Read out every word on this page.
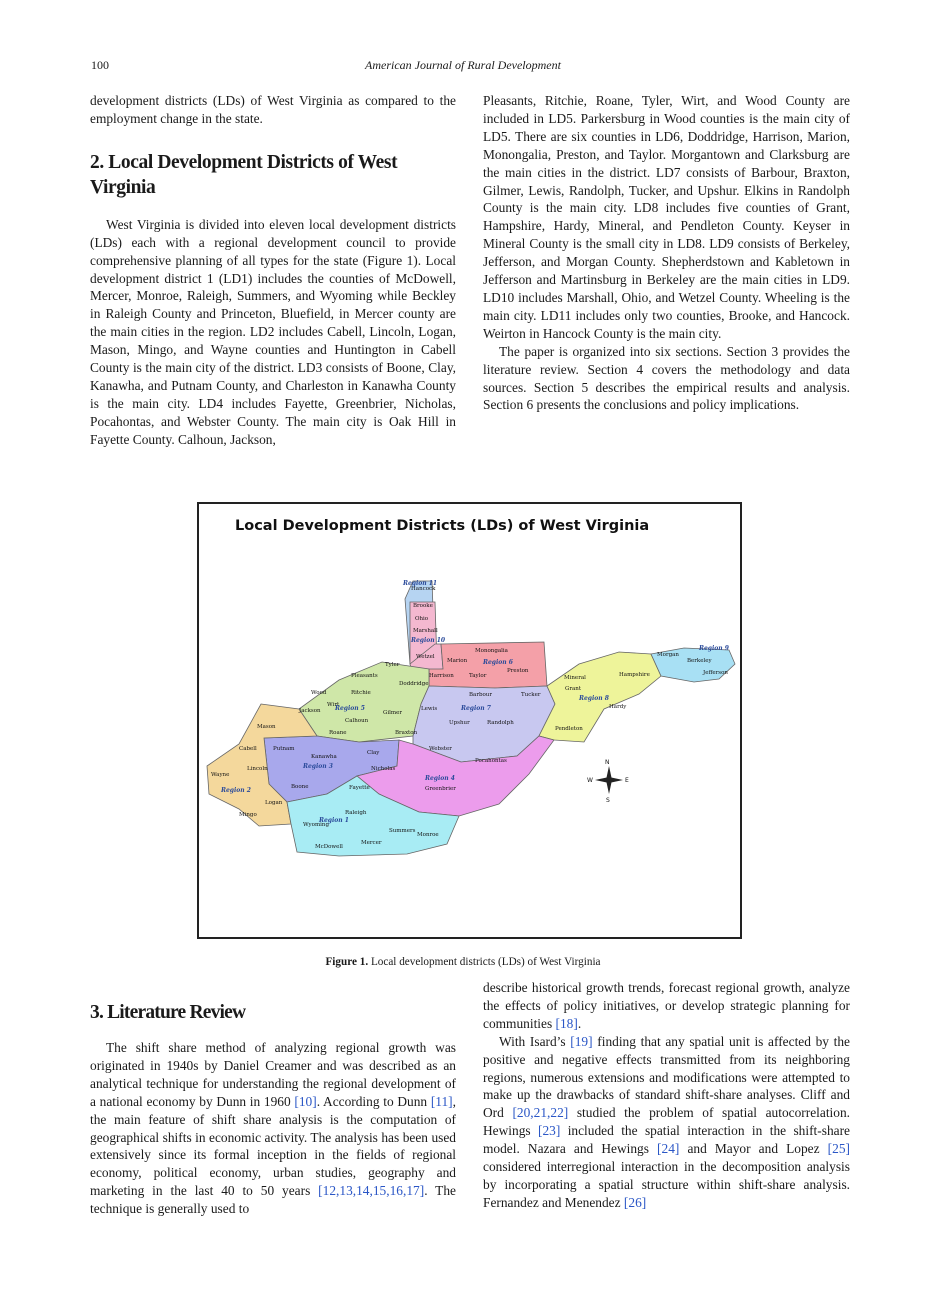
100	American Journal of Rural Development

development districts (LDs) of West Virginia as compared to the employment change in the state.

2. Local Development Districts of West Virginia

West Virginia is divided into eleven local development districts (LDs) each with a regional development council to provide comprehensive planning of all types for the state (Figure 1). Local development district 1 (LD1) includes the counties of McDowell, Mercer, Monroe, Raleigh, Summers, and Wyoming while Beckley in Raleigh County and Princeton, Bluefield, in Mercer county are the main cities in the region. LD2 includes Cabell, Lincoln, Logan, Mason, Mingo, and Wayne counties and Huntington in Cabell County is the main city of the district. LD3 consists of Boone, Clay, Kanawha, and Putnam County, and Charleston in Kanawha County is the main city. LD4 includes Fayette, Greenbrier, Nicholas, Pocahontas, and Webster County. The main city is Oak Hill in Fayette County. Calhoun, Jackson,

Pleasants, Ritchie, Roane, Tyler, Wirt, and Wood County are included in LD5. Parkersburg in Wood counties is the main city of LD5. There are six counties in LD6, Doddridge, Harrison, Marion, Monongalia, Preston, and Taylor. Morgantown and Clarksburg are the main cities in the district. LD7 consists of Barbour, Braxton, Gilmer, Lewis, Randolph, Tucker, and Upshur. Elkins in Randolph County is the main city. LD8 includes five counties of Grant, Hampshire, Hardy, Mineral, and Pendleton County. Keyser in Mineral County is the small city in LD8. LD9 consists of Berkeley, Jefferson, and Morgan County. Shepherdstown and Kabletown in Jefferson and Martinsburg in Berkeley are the main cities in LD9. LD10 includes Marshall, Ohio, and Wetzel County. Wheeling is the main city. LD11 includes only two counties, Brooke, and Hancock. Weirton in Hancock County is the main city.

The paper is organized into six sections. Section 3 provides the literature review. Section 4 covers the methodology and data sources. Section 5 describes the empirical results and analysis. Section 6 presents the conclusions and policy implications.

Local Development Districts (LDs) of West Virginia
Hancock
Brooke
Ohio
Marshall
Wetzel
Tyler
Pleasants
Doddridge
Monongalia
Marion
Preston
Harrison	Taylor
Wood	Ritchie
Wirt
Calhoun
Gilmer
Lewis
Upshur
Barbour	Tucker
Randolph
Braxton
Jackson
Roane
Mason
Putnam
Cabell
Wayne
Lincoln
Kanawha
Clay
Boone
Logan
Mingo
Webster
Nicholas
Pocahontas
Fayette	Greenbrier
Raleigh
Wyoming
McDowell
Summers
Mercer
Monroe
Mineral	Hampshire
Grant
Hardy
Pendleton
Morgan
Berkeley
Jefferson
Region 11
Region 10
Region 6
Region 5	Region 7
Region 8
Region 9
Region 3
Region 4
Region 2
Region 1
N
S
E
W
Figure 1. Local development districts (LDs) of West Virginia
3. Literature Review

The shift share method of analyzing regional growth was originated in 1940s by Daniel Creamer and was described as an analytical technique for understanding the regional development of a national economy by Dunn in 1960 [10]. According to Dunn [11], the main feature of shift share analysis is the computation of geographical shifts in economic activity. The analysis has been used extensively since its formal inception in the fields of regional economy, political economy, urban studies, geography and marketing in the last 40 to 50 years [12,13,14,15,16,17]. The technique is generally used to

describe historical growth trends, forecast regional growth, analyze the effects of policy initiatives, or develop strategic planning for communities [18].

With Isard’s [19] finding that any spatial unit is affected by the positive and negative effects transmitted from its neighboring regions, numerous extensions and modifications were attempted to make up the drawbacks of standard shift-share analyses. Cliff and Ord [20,21,22] studied the problem of spatial autocorrelation. Hewings [23] included the spatial interaction in the shift-share model. Nazara and Hewings [24] and Mayor and Lopez [25] considered interregional interaction in the decomposition analysis by incorporating a spatial structure within shift-share analysis. Fernandez and Menendez [26]
